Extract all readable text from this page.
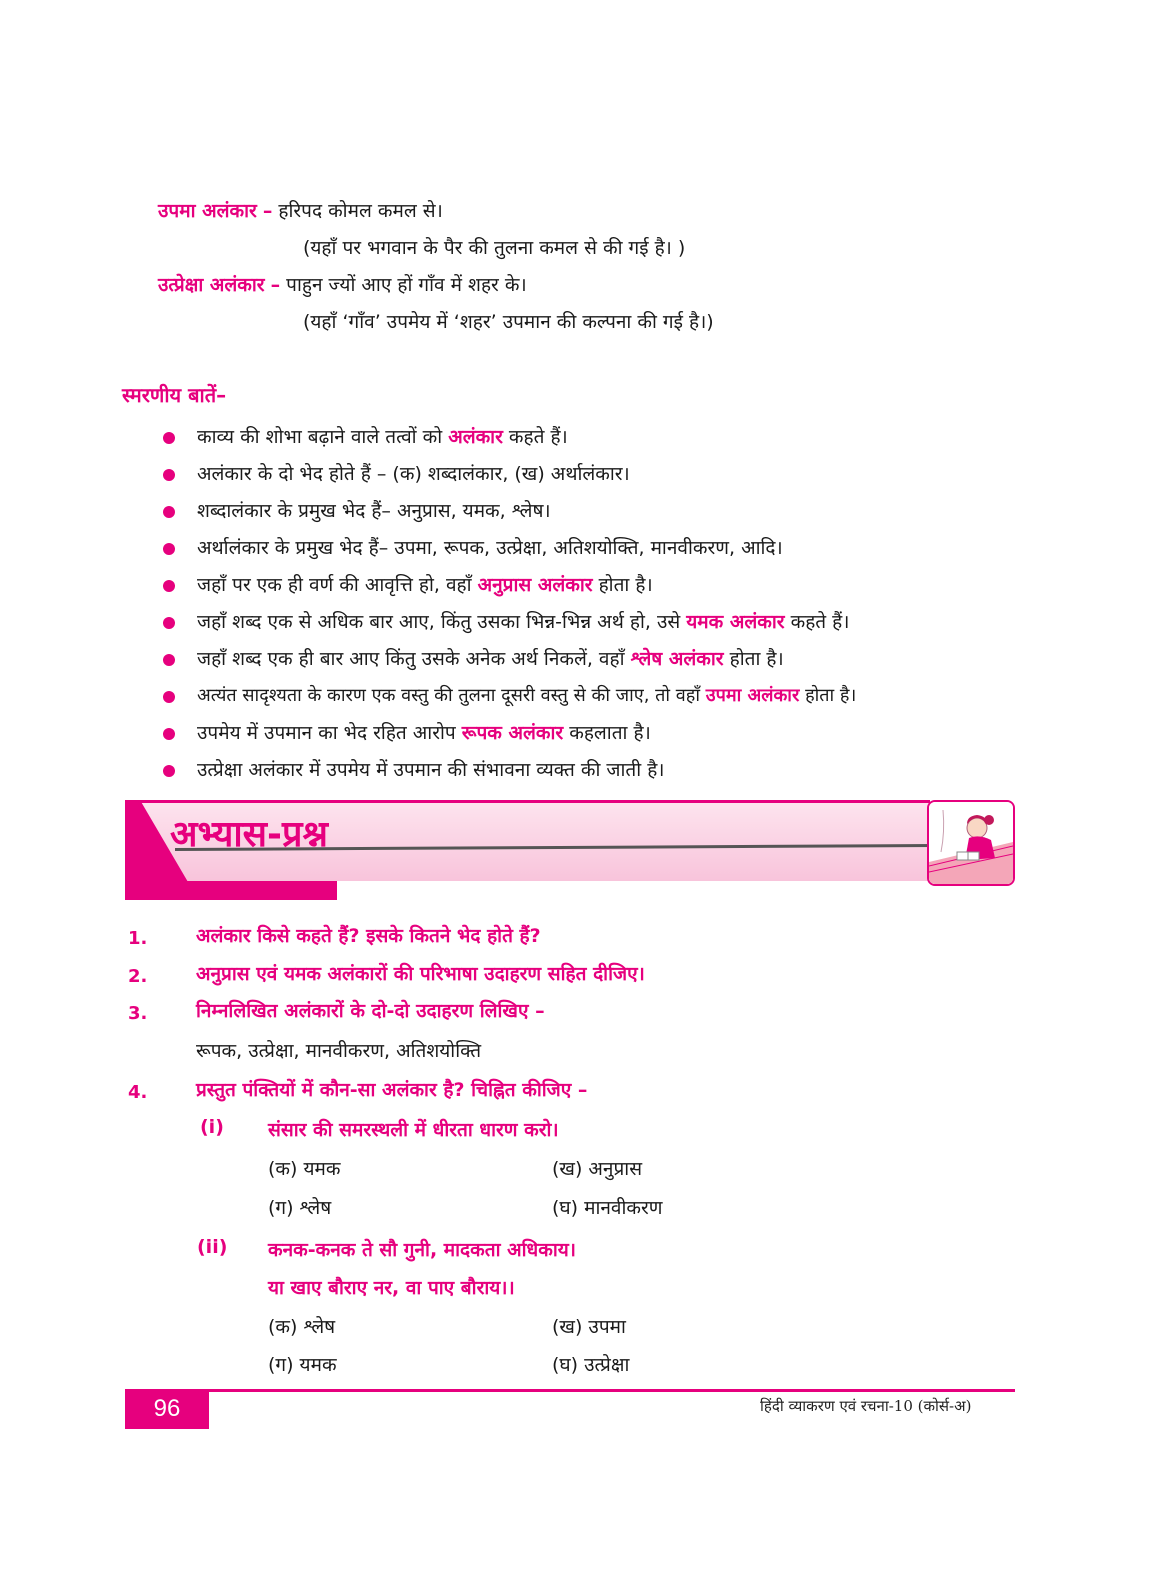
उपमा अलंकार – हरिपद कोमल कमल से।
(यहाँ पर भगवान के पैर की तुलना कमल से की गई है। )
उत्प्रेक्षा अलंकार – पाहुन ज्यों आए हों गाँव में शहर के।
(यहाँ ‘गाँव’ उपमेय में ‘शहर’ उपमान की कल्पना की गई है।)
स्मरणीय बातें–
काव्य की शोभा बढ़ाने वाले तत्वों को अलंकार कहते हैं।
अलंकार के दो भेद होते हैं – (क) शब्दालंकार, (ख) अर्थालंकार।
शब्दालंकार के प्रमुख भेद हैं– अनुप्रास, यमक, श्लेष।
अर्थालंकार के प्रमुख भेद हैं– उपमा, रूपक, उत्प्रेक्षा, अतिशयोक्ति, मानवीकरण, आदि।
जहाँ पर एक ही वर्ण की आवृत्ति हो, वहाँ अनुप्रास अलंकार होता है।
जहाँ शब्द एक से अधिक बार आए, किंतु उसका भिन्न-भिन्न अर्थ हो, उसे यमक अलंकार कहते हैं।
जहाँ शब्द एक ही बार आए किंतु उसके अनेक अर्थ निकलें, वहाँ श्लेष अलंकार होता है।
अत्यंत सादृश्यता के कारण एक वस्तु की तुलना दूसरी वस्तु से की जाए, तो वहाँ उपमा अलंकार होता है।
उपमेय में उपमान का भेद रहित आरोप रूपक अलंकार कहलाता है।
उत्प्रेक्षा अलंकार में उपमेय में उपमान की संभावना व्यक्त की जाती है।
अभ्यास-प्रश्न
1.	अलंकार किसे कहते हैं? इसके कितने भेद होते हैं?
2.	अनुप्रास एवं यमक अलंकारों की परिभाषा उदाहरण सहित दीजिए।
3.	निम्नलिखित अलंकारों के दो-दो उदाहरण लिखिए –
रूपक, उत्प्रेक्षा, मानवीकरण, अतिशयोक्ति
4.	प्रस्तुत पंक्तियों में कौन-सा अलंकार है? चिह्नित कीजिए –
(i) संसार की समरस्थली में धीरता धारण करो।
(क) यमक	(ख) अनुप्रास
(ग) श्लेष	(घ) मानवीकरण
(ii) कनक-कनक ते सौ गुनी, मादकता अधिकाय।
या खाए बौराए नर, वा पाए बौराय।।
(क) श्लेष	(ख) उपमा
(ग) यमक	(घ) उत्प्रेक्षा
96	हिंदी व्याकरण एवं रचना-10 (कोर्स-अ)
